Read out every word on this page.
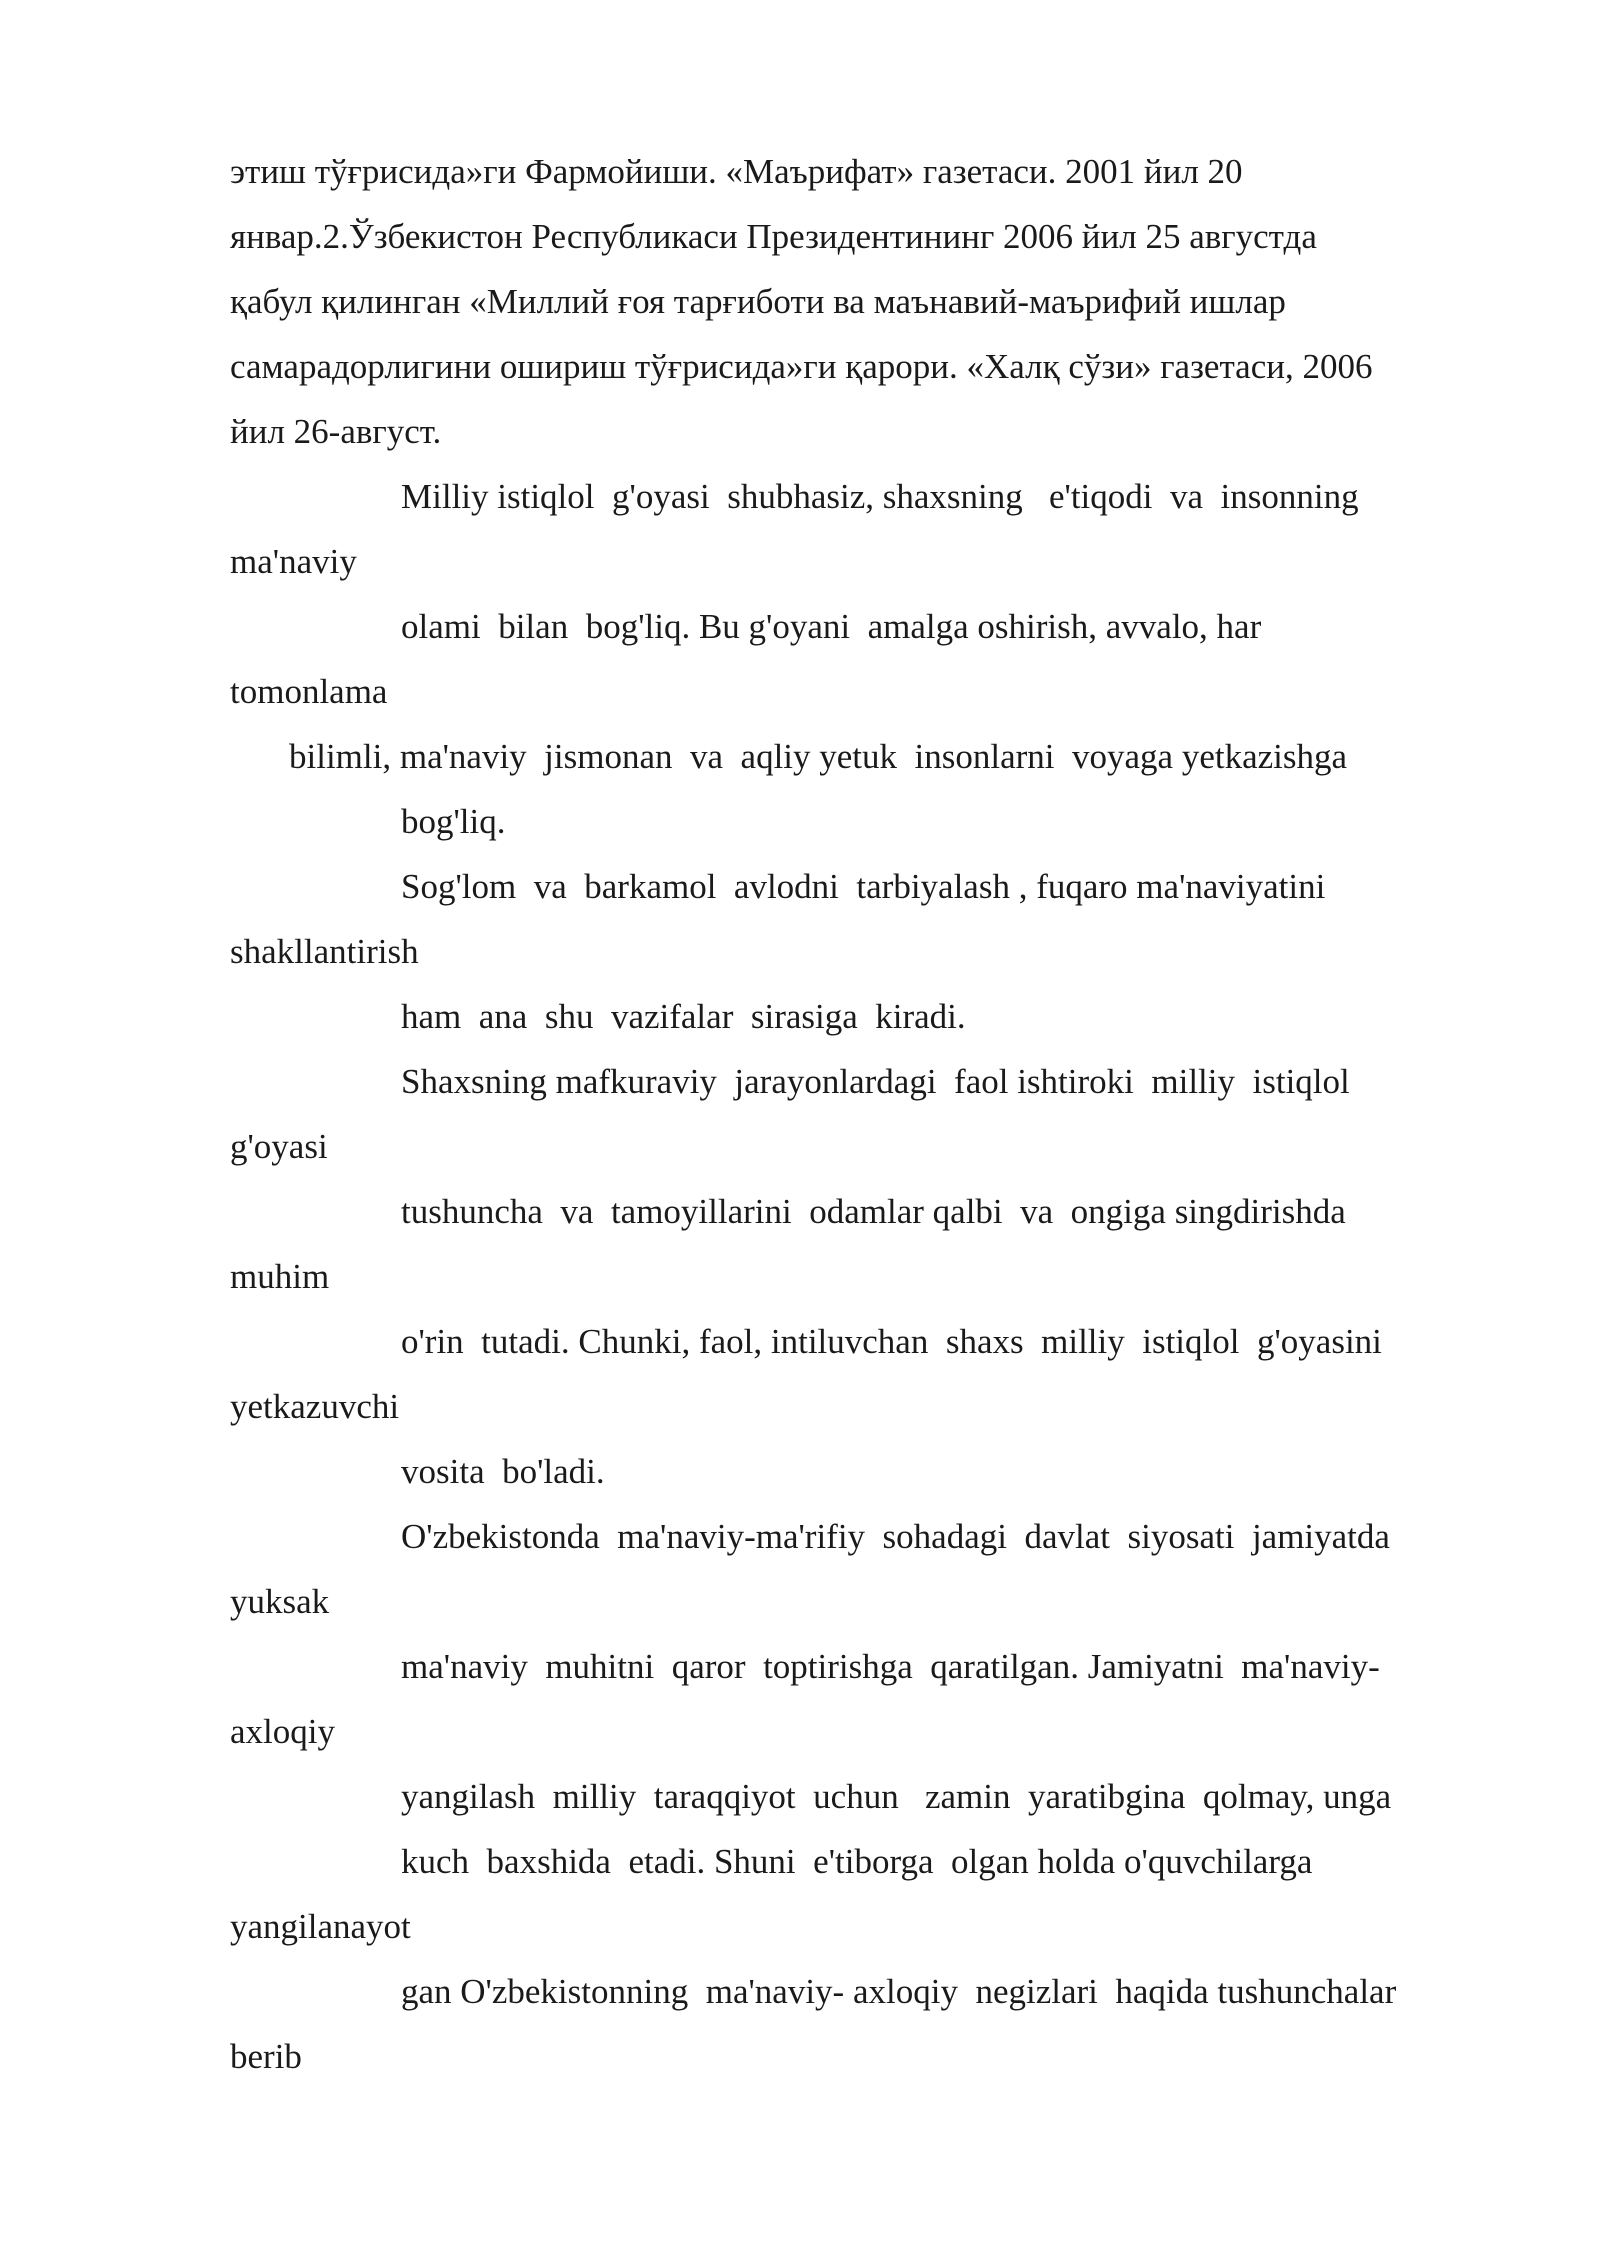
этиш тўғрисида»ги Фармойиши. «Маърифат» газетаси. 2001 йил 20

январ.2.Ўзбекистон Республикаси Президентининг 2006 йил 25 августда

қабул қилинган «Миллий ғоя тарғиботи ва маънавий-маърифий ишлар

самарадорлигини ошириш тўғрисида»ги қарори. «Халқ сўзи» газетаси, 2006

йил 26-август.

Milliy istiqlol  g'oyasi  shubhasiz, shaxsning   e'tiqodi  va  insonning

ma'naviy

olami  bilan  bog'liq. Bu g'oyani  amalga oshirish, avvalo, har

tomonlama

bilimli, ma'naviy  jismonan  va  aqliy yetuk  insonlarni  voyaga yetkazishga

bog'liq.

Sog'lom  va  barkamol  avlodni  tarbiyalash , fuqaro ma'naviyatini

shakllantirish

ham  ana  shu  vazifalar  sirasiga  kiradi.

Shaxsning mafkuraviy  jarayonlardagi  faol ishtiroki  milliy  istiqlol

g'oyasi

tushuncha  va  tamoyillarini  odamlar qalbi  va  ongiga singdirishda

muhim

o'rin  tutadi. Chunki, faol, intiluvchan  shaxs  milliy  istiqlol  g'oyasini

yetkazuvchi

vosita  bo'ladi.

O'zbekistonda  ma'naviy-ma'rifiy  sohadagi  davlat  siyosati  jamiyatda

yuksak

ma'naviy  muhitni  qaror  toptirishga  qaratilgan. Jamiyatni  ma'naviy-

axloqiy

yangilash  milliy  taraqqiyot  uchun   zamin  yaratibgina  qolmay, unga

kuch  baxshida  etadi. Shuni  e'tiborga  olgan holda o'quvchilarga

yangilanayot

gan O'zbekistonning  ma'naviy- axloqiy  negizlari  haqida tushunchalar

berib
